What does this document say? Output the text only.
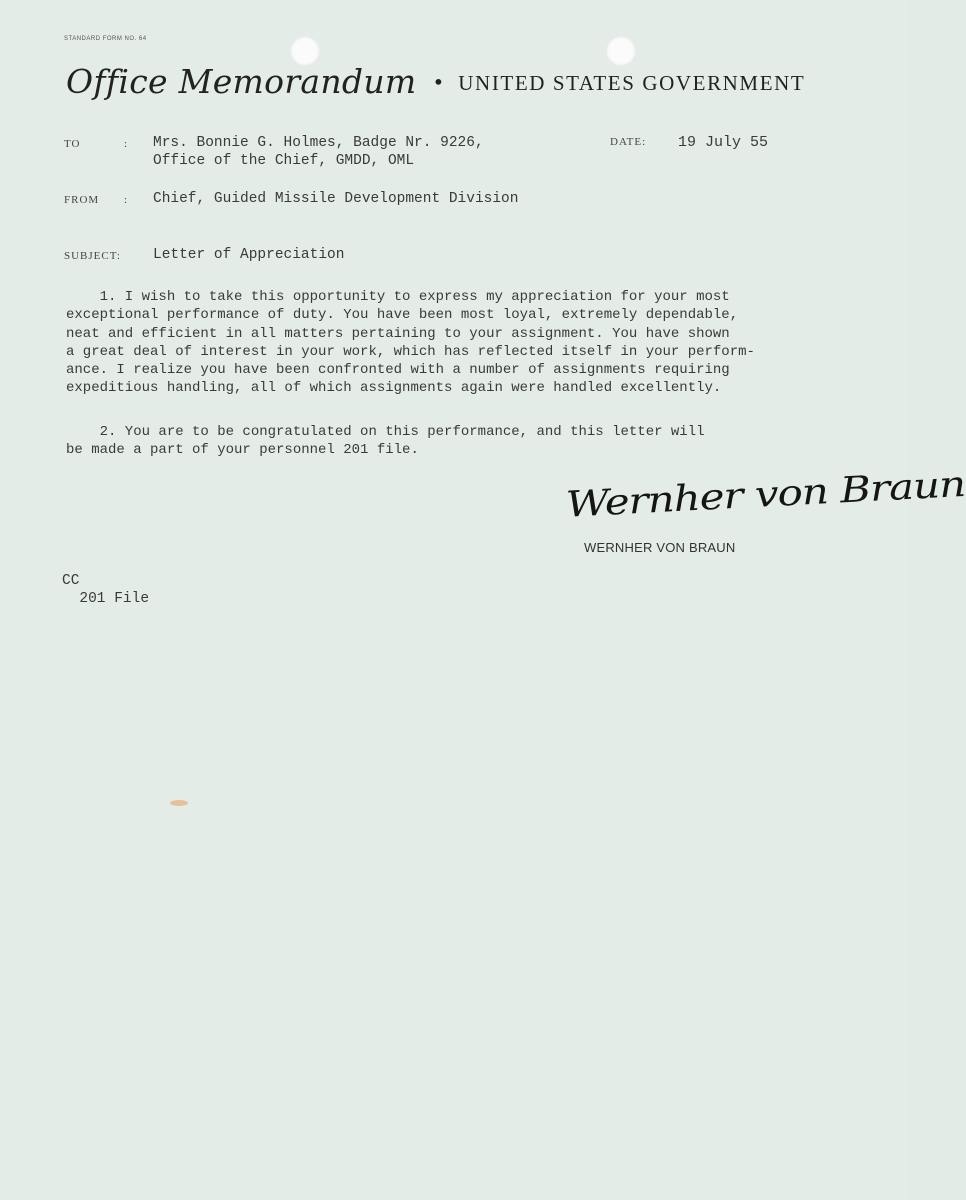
STANDARD FORM NO. 64
Office Memorandum • UNITED STATES GOVERNMENT
TO	: Mrs. Bonnie G. Holmes, Badge Nr. 9226,
Office of the Chief, GMDD, OML
DATE: 19 July 55
FROM : Chief, Guided Missile Development Division
SUBJECT: Letter of Appreciation
1. I wish to take this opportunity to express my appreciation for your most
exceptional performance of duty. You have been most loyal, extremely dependable,
neat and efficient in all matters pertaining to your assignment. You have shown
a great deal of interest in your work, which has reflected itself in your perform-
ance. I realize you have been confronted with a number of assignments requiring
expeditious handling, all of which assignments again were handled excellently.
2. You are to be congratulated on this performance, and this letter will
be made a part of your personnel 201 file.
Wernher von Braun
WERNHER VON BRAUN
CC
201 File
